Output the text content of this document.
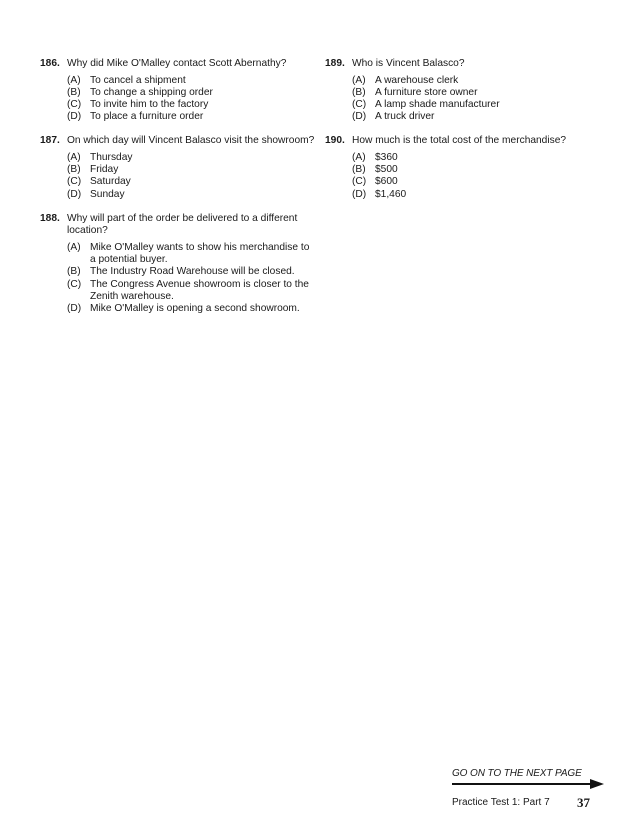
186. Why did Mike O'Malley contact Scott Abernathy?
(A) To cancel a shipment
(B) To change a shipping order
(C) To invite him to the factory
(D) To place a furniture order
187. On which day will Vincent Balasco visit the showroom?
(A) Thursday
(B) Friday
(C) Saturday
(D) Sunday
188. Why will part of the order be delivered to a different location?
(A) Mike O'Malley wants to show his merchandise to a potential buyer.
(B) The Industry Road Warehouse will be closed.
(C) The Congress Avenue showroom is closer to the Zenith warehouse.
(D) Mike O'Malley is opening a second showroom.
189. Who is Vincent Balasco?
(A) A warehouse clerk
(B) A furniture store owner
(C) A lamp shade manufacturer
(D) A truck driver
190. How much is the total cost of the merchandise?
(A) $360
(B) $500
(C) $600
(D) $1,460
GO ON TO THE NEXT PAGE
Practice Test 1: Part 7 37
